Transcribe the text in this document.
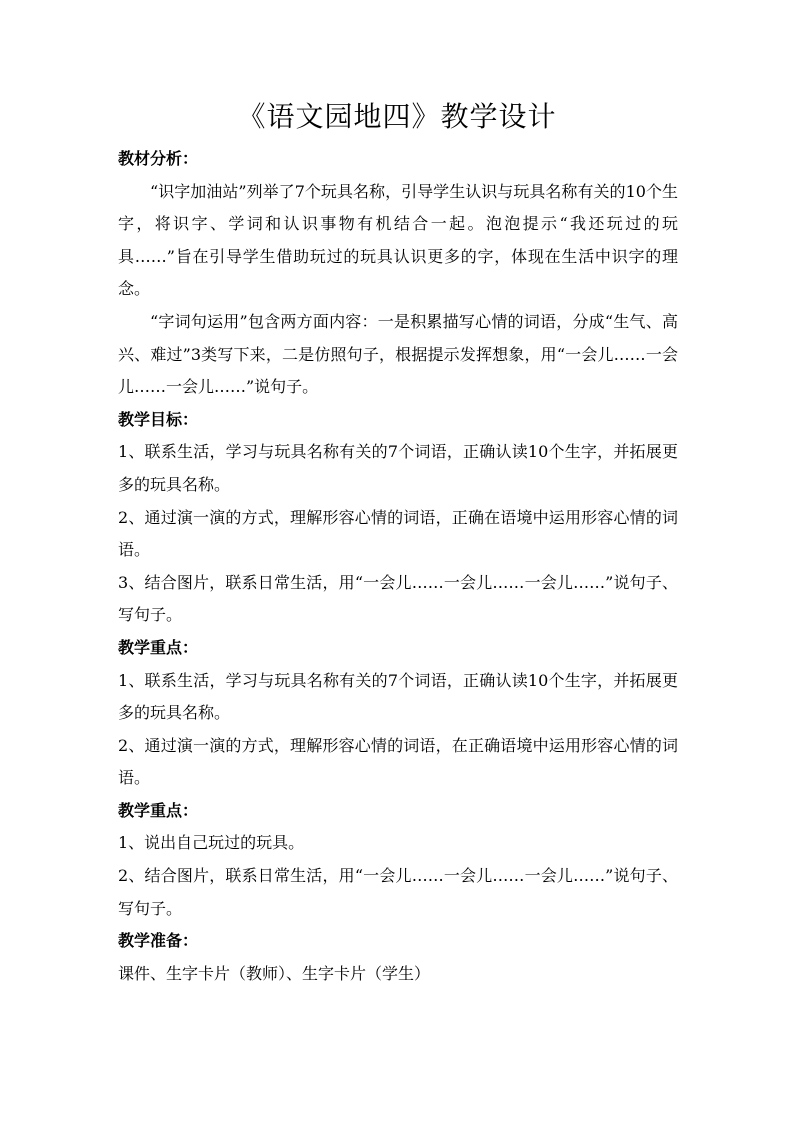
《语文园地四》教学设计
教材分析：
“识字加油站”列举了7个玩具名称，引导学生认识与玩具名称有关的10个生字，将识字、学词和认识事物有机结合一起。泡泡提示“我还玩过的玩具……”旨在引导学生借助玩过的玩具认识更多的字，体现在生活中识字的理念。
“字词句运用”包含两方面内容：一是积累描写心情的词语，分成“生气、高兴、难过”3类写下来，二是仿照句子，根据提示发挥想象，用“一会儿……一会儿……一会儿……”说句子。
教学目标：
1、联系生活，学习与玩具名称有关的7个词语，正确认读10个生字，并拓展更多的玩具名称。
2、通过演一演的方式，理解形容心情的词语，正确在语境中运用形容心情的词语。
3、结合图片，联系日常生活，用“一会儿……一会儿……一会儿……”说句子、写句子。
教学重点：
1、联系生活，学习与玩具名称有关的7个词语，正确认读10个生字，并拓展更多的玩具名称。
2、通过演一演的方式，理解形容心情的词语，在正确语境中运用形容心情的词语。
教学重点：
1、说出自己玩过的玩具。
2、结合图片，联系日常生活，用“一会儿……一会儿……一会儿……”说句子、写句子。
教学准备：
课件、生字卡片（教师）、生字卡片（学生）
